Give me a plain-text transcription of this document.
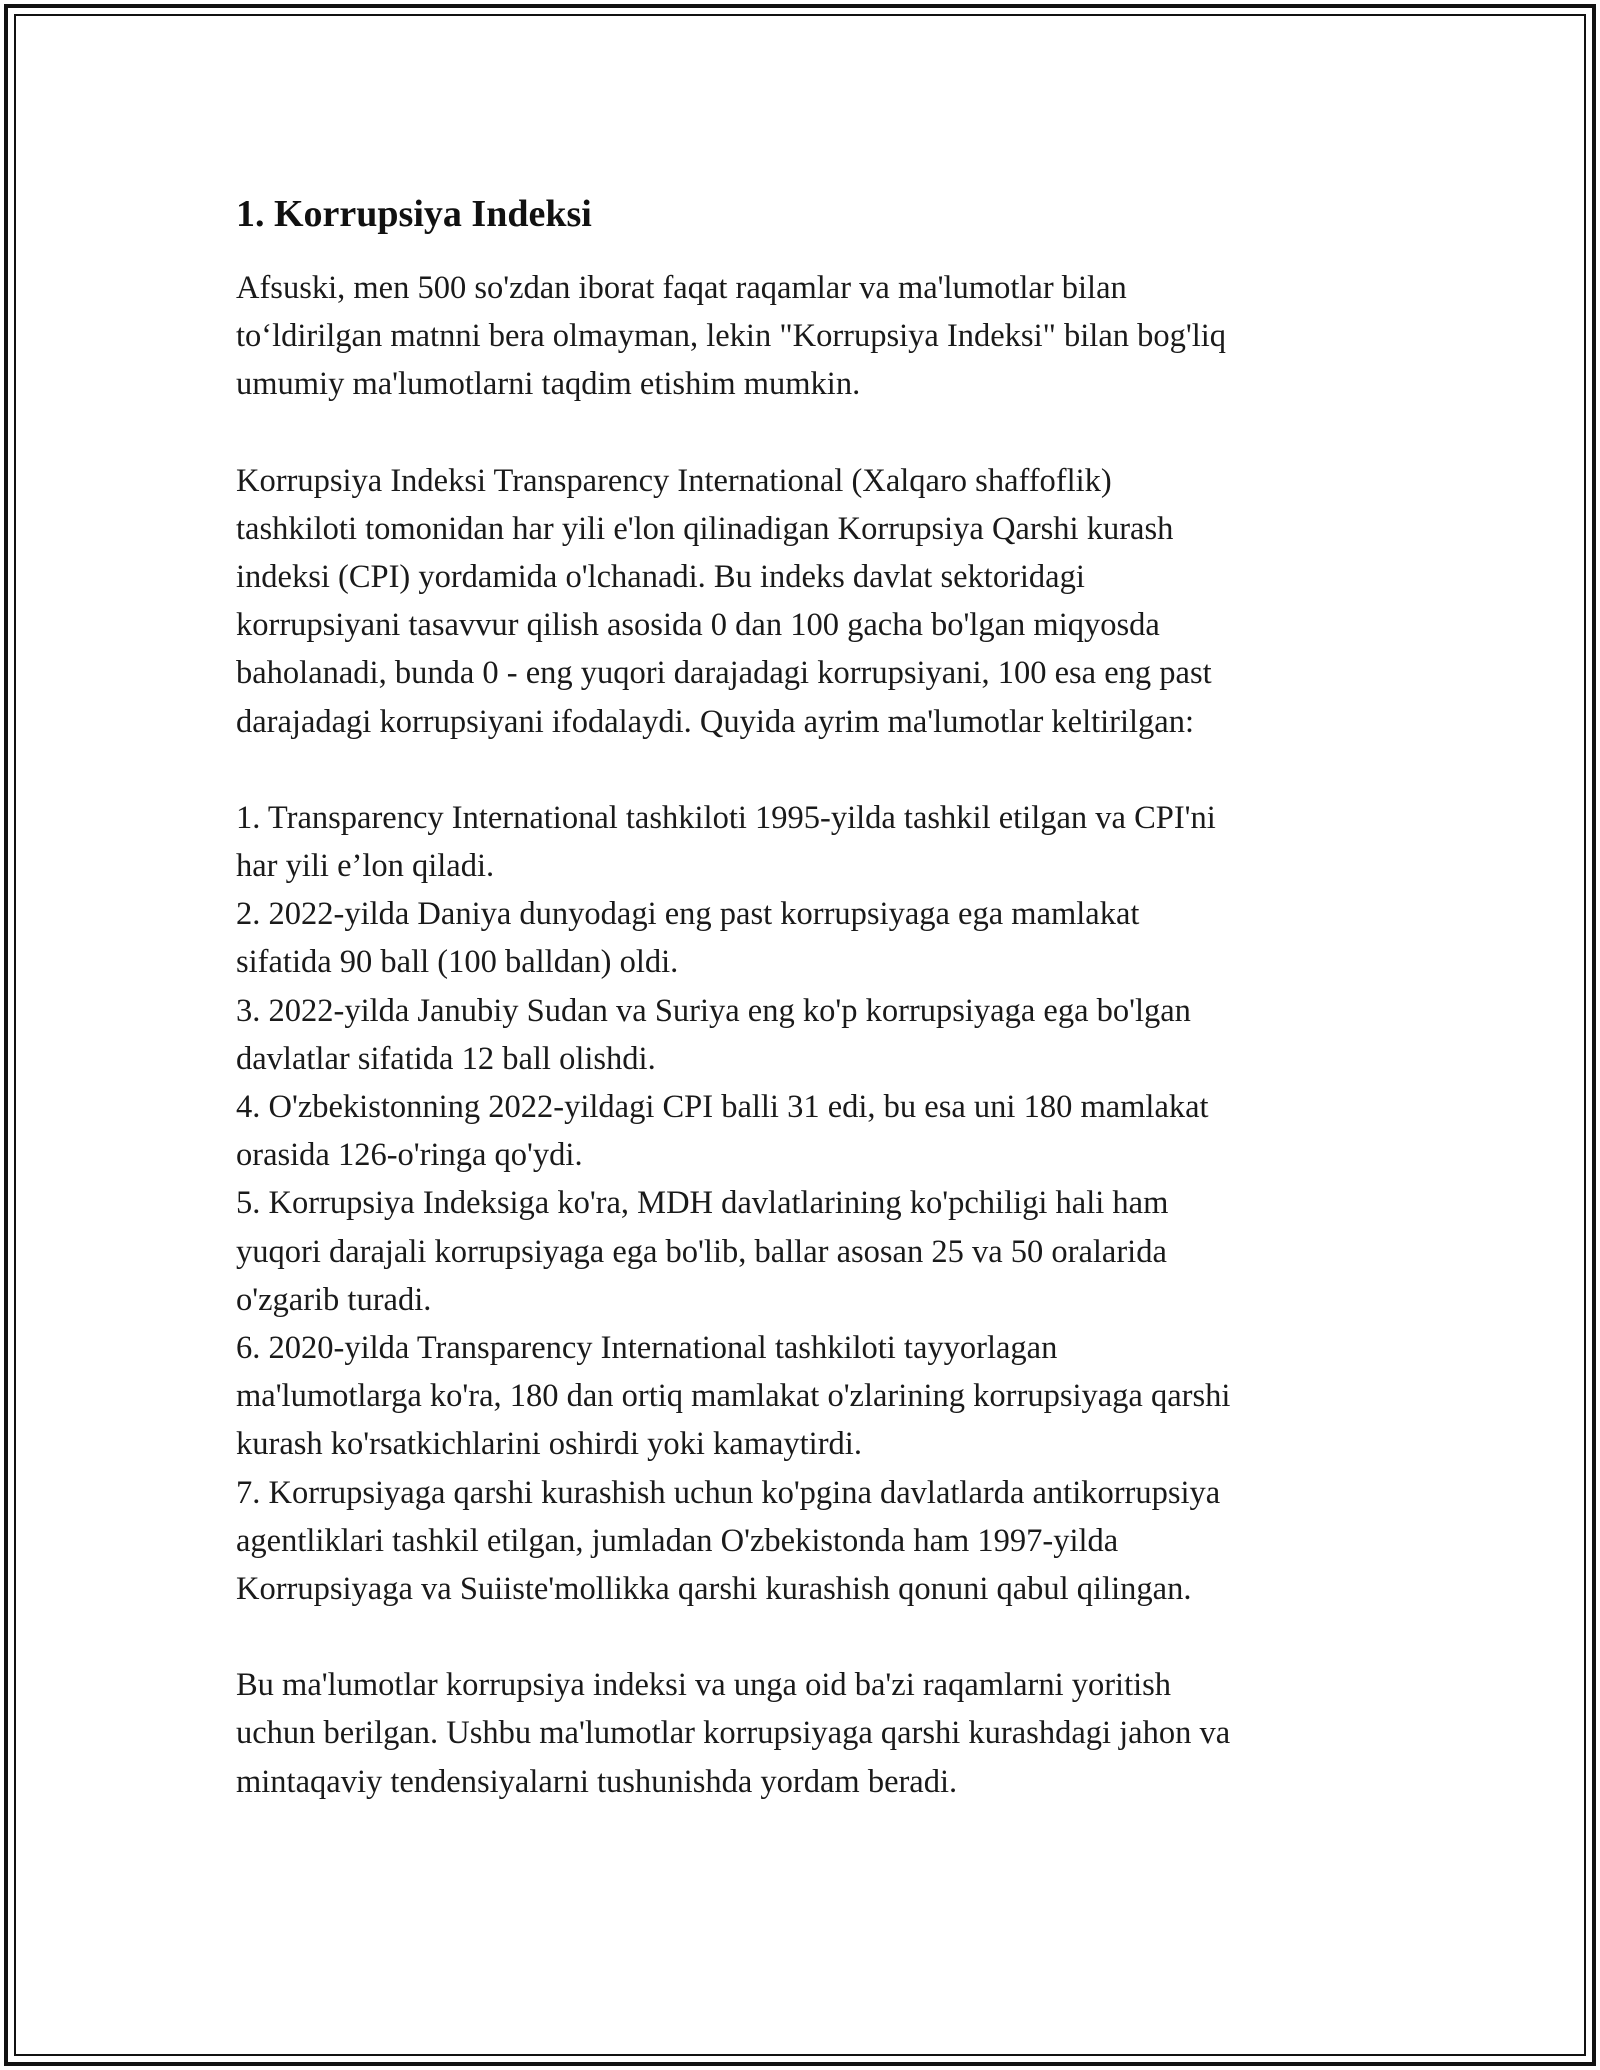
1. Korrupsiya Indeksi

Afsuski, men 500 so'zdan iborat faqat raqamlar va ma'lumotlar bilan
to‘ldirilgan matnni bera olmayman, lekin "Korrupsiya Indeksi" bilan bog'liq
umumiy ma'lumotlarni taqdim etishim mumkin.

Korrupsiya Indeksi Transparency International (Xalqaro shaffoflik)
tashkiloti tomonidan har yili e'lon qilinadigan Korrupsiya Qarshi kurash
indeksi (CPI) yordamida o'lchanadi. Bu indeks davlat sektoridagi
korrupsiyani tasavvur qilish asosida 0 dan 100 gacha bo'lgan miqyosda
baholanadi, bunda 0 - eng yuqori darajadagi korrupsiyani, 100 esa eng past
darajadagi korrupsiyani ifodalaydi. Quyida ayrim ma'lumotlar keltirilgan:

1. Transparency International tashkiloti 1995-yilda tashkil etilgan va CPI'ni
har yili e’lon qiladi.
2. 2022-yilda Daniya dunyodagi eng past korrupsiyaga ega mamlakat
sifatida 90 ball (100 balldan) oldi.
3. 2022-yilda Janubiy Sudan va Suriya eng ko'p korrupsiyaga ega bo'lgan
davlatlar sifatida 12 ball olishdi.
4. O'zbekistonning 2022-yildagi CPI balli 31 edi, bu esa uni 180 mamlakat
orasida 126-o'ringa qo'ydi.
5. Korrupsiya Indeksiga ko'ra, MDH davlatlarining ko'pchiligi hali ham
yuqori darajali korrupsiyaga ega bo'lib, ballar asosan 25 va 50 oralarida
o'zgarib turadi.
6. 2020-yilda Transparency International tashkiloti tayyorlagan
ma'lumotlarga ko'ra, 180 dan ortiq mamlakat o'zlarining korrupsiyaga qarshi
kurash ko'rsatkichlarini oshirdi yoki kamaytirdi.
7. Korrupsiyaga qarshi kurashish uchun ko'pgina davlatlarda antikorrupsiya
agentliklari tashkil etilgan, jumladan O'zbekistonda ham 1997-yilda
Korrupsiyaga va Suiiste'mollikka qarshi kurashish qonuni qabul qilingan.

Bu ma'lumotlar korrupsiya indeksi va unga oid ba'zi raqamlarni yoritish
uchun berilgan. Ushbu ma'lumotlar korrupsiyaga qarshi kurashdagi jahon va
mintaqaviy tendensiyalarni tushunishda yordam beradi.
